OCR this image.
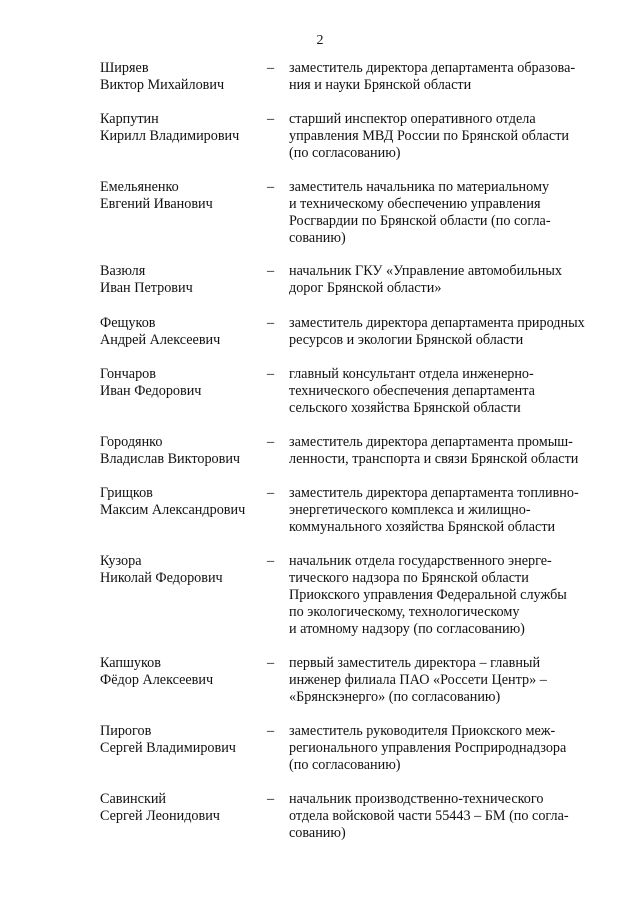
2
Ширяев
Виктор Михайлович
– заместитель директора департамента образова-
ния и науки Брянской области
Карпутин
Кирилл Владимирович
– старший инспектор оперативного отдела
управления МВД России по Брянской области
(по согласованию)
Емельяненко
Евгений Иванович
– заместитель начальника по материальному
и техническому обеспечению управления
Росгвардии по Брянской области (по согла-
сованию)
Вазюля
Иван Петрович
– начальник ГКУ «Управление автомобильных
дорог Брянской области»
Фещуков
Андрей Алексеевич
– заместитель директора департамента природных
ресурсов и экологии Брянской области
Гончаров
Иван Федорович
– главный консультант отдела инженерно-
технического обеспечения департамента
сельского хозяйства Брянской области
Городянко
Владислав Викторович
– заместитель директора департамента промыш-
ленности, транспорта и связи Брянской области
Грищков
Максим Александрович
– заместитель директора департамента топливно-
энергетического комплекса и жилищно-
коммунального хозяйства Брянской области
Кузора
Николай Федорович
– начальник отдела государственного энерге-
тического надзора по Брянской области
Приокского управления Федеральной службы
по экологическому, технологическому
и атомному надзору (по согласованию)
Капшуков
Фёдор Алексеевич
– первый заместитель директора – главный
инженер филиала ПАО «Россети Центр» –
«Брянскэнерго» (по согласованию)
Пирогов
Сергей Владимирович
– заместитель руководителя Приокского меж-
регионального управления Росприроднадзора
(по согласованию)
Савинский
Сергей Леонидович
– начальник производственно-технического
отдела войсковой части 55443 – БМ (по согла-
сованию)
